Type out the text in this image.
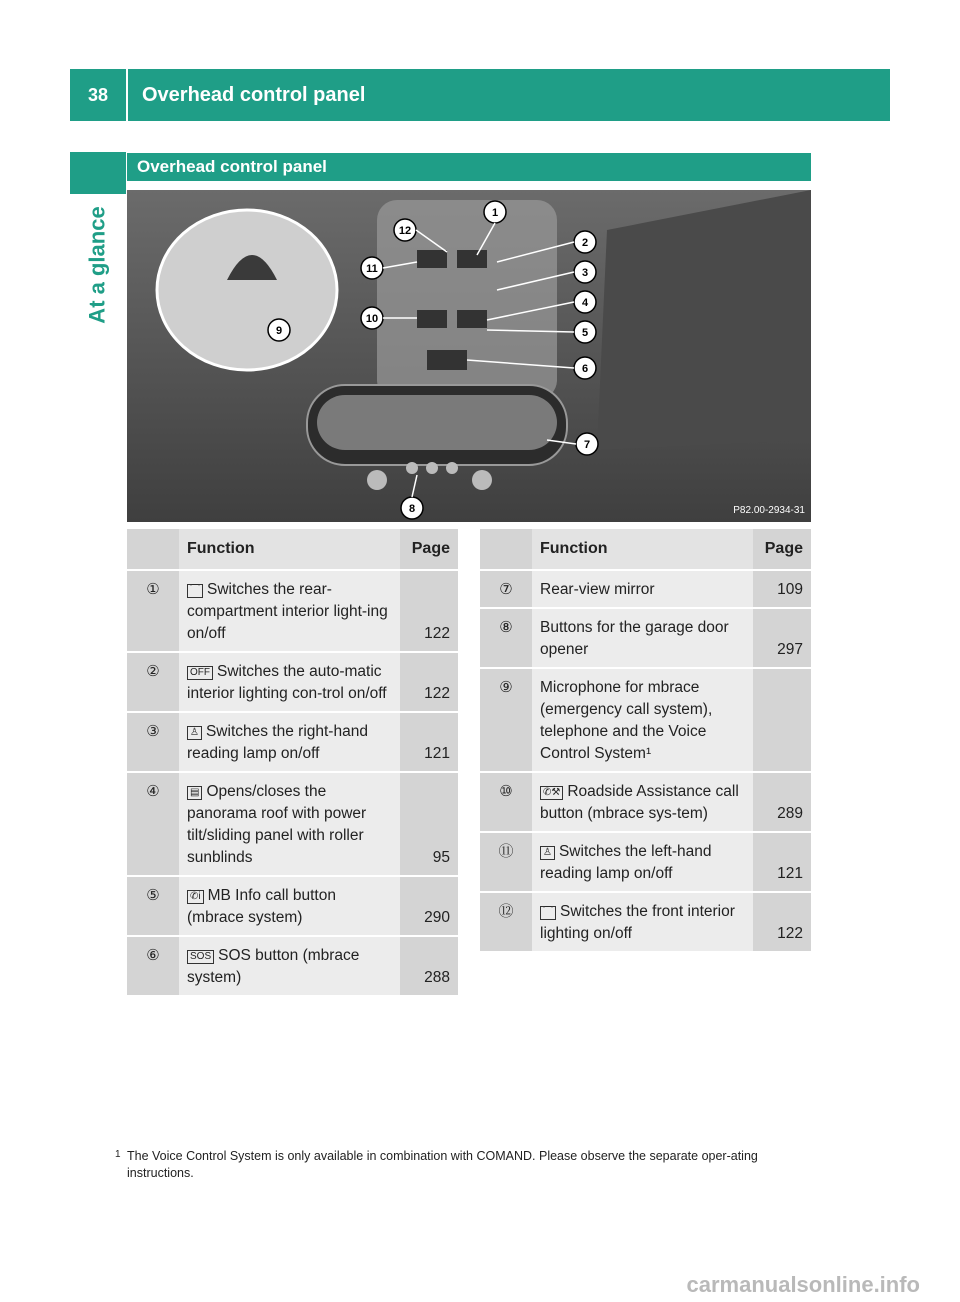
38	Overhead control panel
At a glance
Overhead control panel
1
2
3
4
5
6
7
8
9
10
11
12
P82.00-2934-31
	Function	Page
①	⌒ Switches the rear-compartment interior light-ing on/off	122
②	OFF Switches the auto-matic interior lighting con-trol on/off	122
③	♙ Switches the right-hand reading lamp on/off	121
④	▤ Opens/closes the panorama roof with power tilt/sliding panel with roller sunblinds	95
⑤	✆i MB Info call button (mbrace system)	290
⑥	SOS SOS button (mbrace system)	288
	Function	Page
⑦	Rear-view mirror	109
⑧	Buttons for the garage door opener	297
⑨	Microphone for mbrace (emergency call system), telephone and the Voice Control System¹	
⑩	✆⚒ Roadside Assistance call button (mbrace sys-tem)	289
⑪	♙ Switches the left-hand reading lamp on/off	121
⑫	⌒ Switches the front interior lighting on/off	122
1 The Voice Control System is only available in combination with COMAND. Please observe the separate oper-ating instructions.
carmanualsonline.info
